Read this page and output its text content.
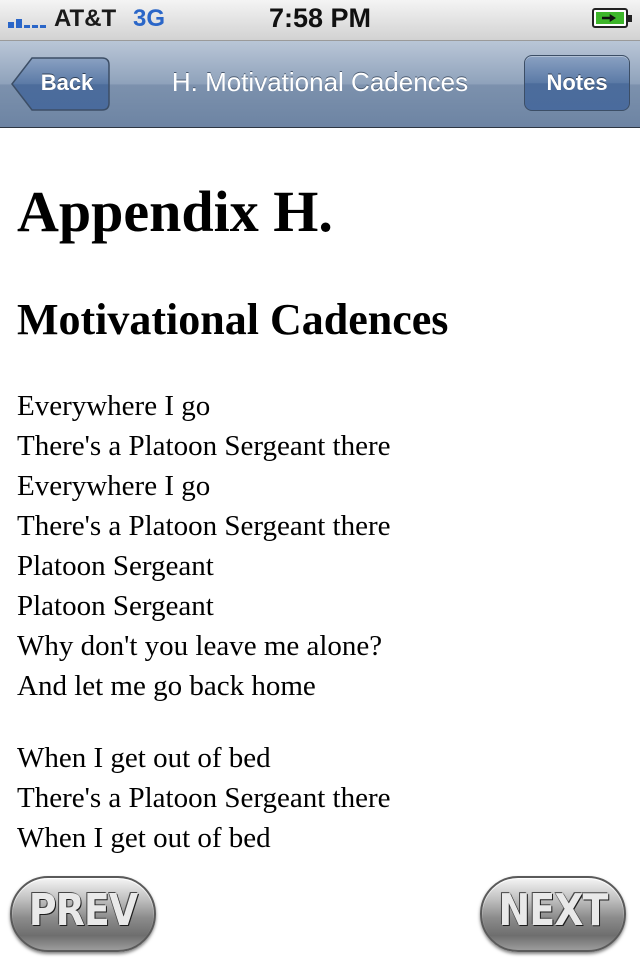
AT&T 3G	7:58 PM
Back	H. Motivational Cadences	Notes
Appendix H.
Motivational Cadences
Everywhere I go
There's a Platoon Sergeant there
Everywhere I go
There's a Platoon Sergeant there
Platoon Sergeant
Platoon Sergeant
Why don't you leave me alone?
And let me go back home
When I get out of bed
There's a Platoon Sergeant there
When I get out of bed
PREV	NEXT
